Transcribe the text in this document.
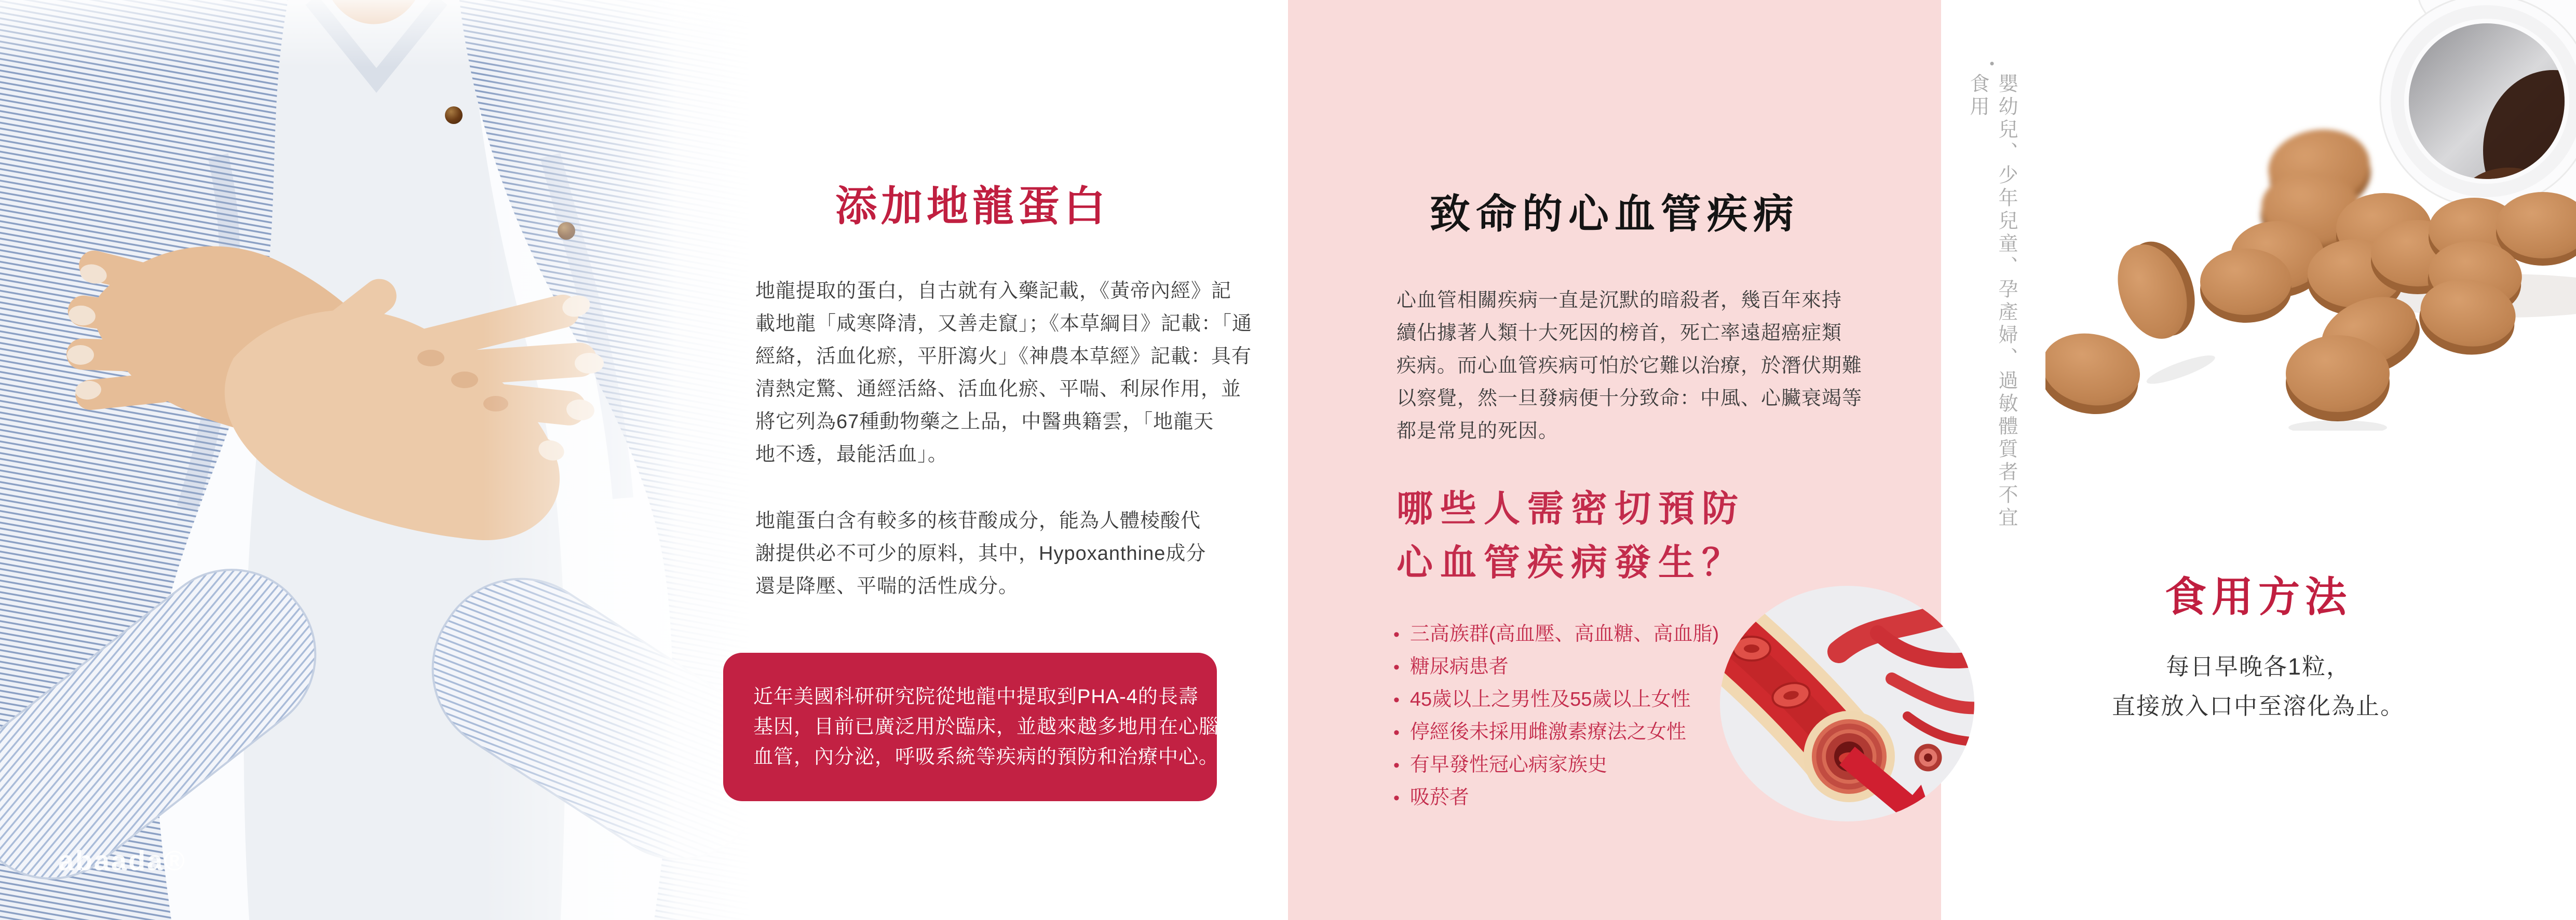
abaada®
添加地龍蛋白
地龍提取的蛋白，自古就有入藥記載，《黃帝內經》記
載地龍「咸寒降清，又善走竄」；《本草綱目》記載：「通
經絡，活血化瘀，平肝瀉火」《神農本草經》記載：具有
清熱定驚、通經活絡、活血化瘀、平喘、利尿作用，並
將它列為67種動物藥之上品，中醫典籍雲，「地龍天
地不透，最能活血」。
地龍蛋白含有較多的核苷酸成分，能為人體棱酸代
謝提供必不可少的原料，其中，Hypoxanthine成分
還是降壓、平喘的活性成分。
近年美國科研研究院從地龍中提取到PHA-4的長壽
基因，目前已廣泛用於臨床，並越來越多地用在心腦
血管，內分泌，呼吸系統等疾病的預防和治療中心。
致命的心血管疾病
心血管相關疾病一直是沉默的暗殺者，幾百年來持
續佔據著人類十大死因的榜首，死亡率遠超癌症類
疾病。而心血管疾病可怕於它難以治療，於潛伏期難
以察覺，然一旦發病便十分致命：中風、心臟衰竭等
都是常見的死因。
哪些人需密切預防
心血管疾病發生？
• 三高族群(高血壓、高血糖、高血脂)
• 糖尿病患者
• 45歲以上之男性及55歲以上女性
• 停經後未採用雌激素療法之女性
• 有早發性冠心病家族史
• 吸菸者
•
嬰幼兒、少年兒童、孕產婦、過敏體質者不宜食用
食用方法
每日早晚各1粒，
直接放入口中至溶化為止。
